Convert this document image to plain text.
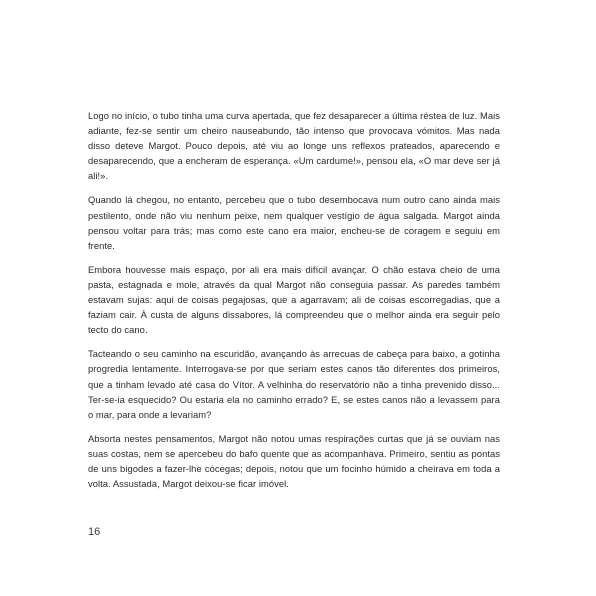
Logo no início, o tubo tinha uma curva apertada, que fez desaparecer a última réstea de luz. Mais adiante, fez-se sentir um cheiro nauseabundo, tão intenso que provocava vómitos. Mas nada disso deteve Margot. Pouco depois, até viu ao longe uns reflexos prateados, aparecendo e desaparecendo, que a encheram de esperança. «Um cardume!», pensou ela, «O mar deve ser já ali!».

Quando lá chegou, no entanto, percebeu que o tubo desembocava num outro cano ainda mais pestilento, onde não viu nenhum peixe, nem qualquer vestígio de água salgada. Margot ainda pensou voltar para trás; mas como este cano era maior, encheu-se de coragem e seguiu em frente.

Embora houvesse mais espaço, por ali era mais difícil avançar. O chão estava cheio de uma pasta, estagnada e mole, através da qual Margot não conseguia passar. As paredes também estavam sujas: aqui de coisas pegajosas, que a agarravam; ali de coisas escorregadias, que a faziam cair. À custa de alguns dissabores, lá compreendeu que o melhor ainda era seguir pelo tecto do cano.

Tacteando o seu caminho na escuridão, avançando às arrecuas de cabeça para baixo, a gotinha progredia lentamente. Interrogava-se por que seriam estes canos tão diferentes dos primeiros, que a tinham levado até casa do Vítor. A velhinha do reservatório não a tinha prevenido disso... Ter-se-ia esquecido? Ou estaria ela no caminho errado? E, se estes canos não a levassem para o mar, para onde a levariam?

Absorta nestes pensamentos, Margot não notou umas respirações curtas que já se ouviam nas suas costas, nem se apercebeu do bafo quente que as acompanhava. Primeiro, sentiu as pontas de uns bigodes a fazer-lhe cócegas; depois, notou que um focinho húmido a cheirava em toda a volta. Assustada, Margot deixou-se ficar imóvel.

16
